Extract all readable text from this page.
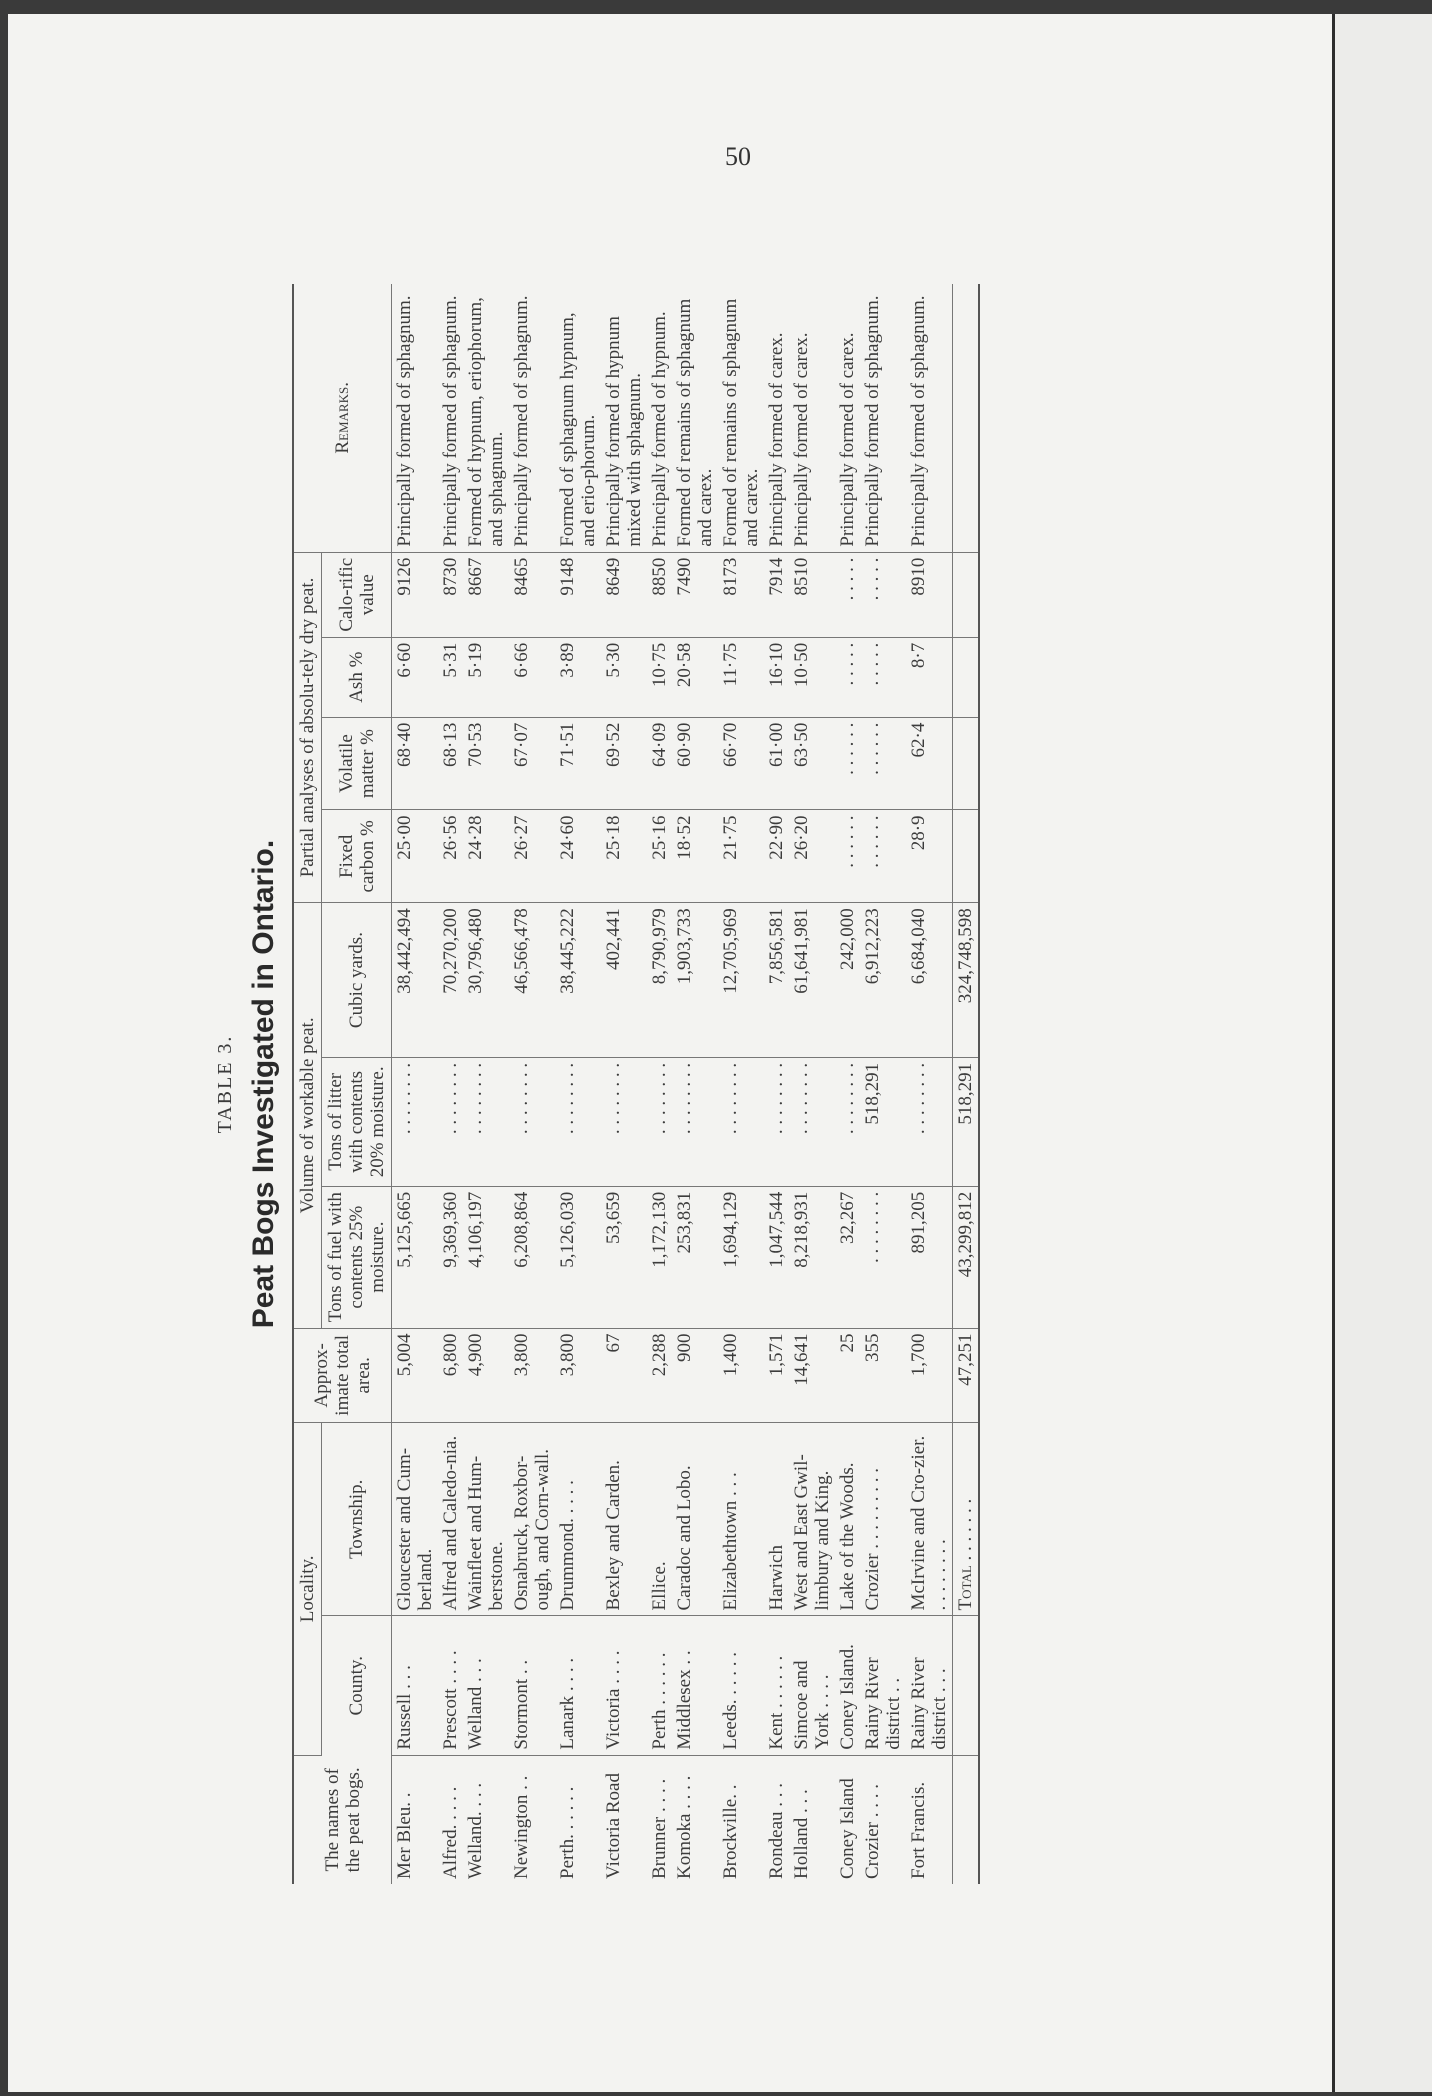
50
TABLE 3. Peat Bogs Investigated in Ontario.
The names of the peat bogs.	Locality.		Approx-imate total area.	Volume of workable peat.			Partial analyses of absolu-tely dry peat.				Remarks.
	County.	Township.		Tons of fuel with contents 25% moisture.	Tons of litter with contents 20% moisture.	Cubic yards.	Fixed carbon %	Volatile matter %	Ash %	Calo-rific value	
Mer Bleu. .	Russell . . .	Gloucester and Cum-berland.	5,004	5,125,665	. . . . . . . .	38,442,494	25·00	68·40	6·60	9126	Principally formed of sphagnum.
Alfred. . . . .	Prescott . . . .	Alfred and Caledo-nia.	6,800	9,369,360	. . . . . . . .	70,270,200	26·56	68·13	5·31	8730	Principally formed of sphagnum.
Welland. . . .	Welland . . .	Wainfleet and Hum-berstone.	4,900	4,106,197	. . . . . . . .	30,796,480	24·28	70·53	5·19	8667	Formed of hypnum, eriophorum, and sphagnum.
Newington . .	Stormont . .	Osnabruck, Roxbor-ough, and Corn-wall.	3,800	6,208,864	. . . . . . . .	46,566,478	26·27	67·07	6·66	8465	Principally formed of sphagnum.
Perth. . . . . .	Lanark . . . .	Drummond. . . . .	3,800	5,126,030	. . . . . . . .	38,445,222	24·60	71·51	3·89	9148	Formed of sphagnum hypnum, and erio-phorum.
Victoria Road	Victoria . . . .	Bexley and Carden.	67	53,659	. . . . . . . .	402,441	25·18	69·52	5·30	8649	Principally formed of hypnum mixed with sphagnum.
Brunner . . . .	Perth . . . . . .	Ellice.	2,288	1,172,130	. . . . . . . .	8,790,979	25·16	64·09	10·75	8850	Principally formed of hypnum.
Komoka . . . .	Middlesex . .	Caradoc and Lobo.	900	253,831	. . . . . . . .	1,903,733	18·52	60·90	20·58	7490	Formed of remains of sphagnum and carex.
Brockville. .	Leeds. . . . . .	Elizabethtown . . .	1,400	1,694,129	. . . . . . . .	12,705,969	21·75	66·70	11·75	8173	Formed of remains of sphagnum and carex.
Rondeau . . .	Kent . . . . . .	Harwich	1,571	1,047,544	. . . . . . . .	7,856,581	22·90	61·00	16·10	7914	Principally formed of carex.
Holland . . .	Simcoe and York . . . .	West and East Gwil-limbury and King.	14,641	8,218,931	. . . . . . . .	61,641,981	26·20	63·50	10·50	8510	Principally formed of carex.
Coney Island	Coney Island.	Lake of the Woods.	25	32,267	. . . . . . . .	242,000	. . . . . .	. . . . . .	. . . . .	. . . . .	Principally formed of carex.
Crozier . . . .	Rainy River district . .	Crozier . . . . . . . . .	355	. . . . . . . .	518,291	6,912,223	. . . . . .	. . . . . .	. . . . .	. . . . .	Principally formed of sphagnum.
Fort Francis.	Rainy River district . . .	McIrvine and Cro-zier. . . . . . . . .	1,700	891,205	. . . . . . . .	6,684,040	28·9	62·4	8·7	8910	Principally formed of sphagnum.
		Total . . . . . . .	47,251	43,299,812	518,291	324,748,598					
